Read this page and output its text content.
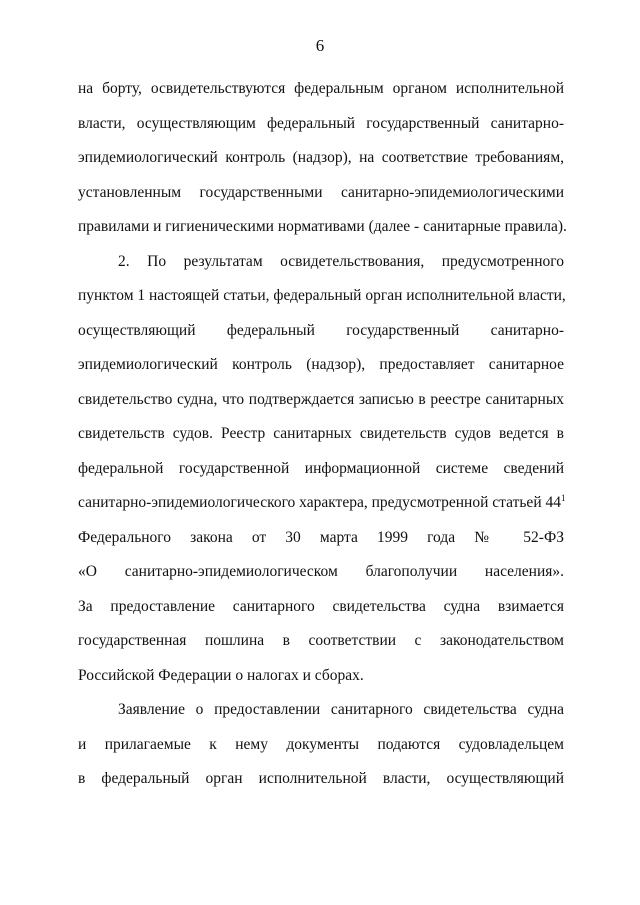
6
на борту, освидетельствуются федеральным органом исполнительной
власти, осуществляющим федеральный государственный санитарно-
эпидемиологический контроль (надзор), на соответствие требованиям,
установленным государственными санитарно-эпидемиологическими
правилами и гигиеническими нормативами (далее - санитарные правила).
2. По результатам освидетельствования, предусмотренного
пунктом 1 настоящей статьи, федеральный орган исполнительной власти,
осуществляющий федеральный государственный санитарно-
эпидемиологический контроль (надзор), предоставляет санитарное
свидетельство судна, что подтверждается записью в реестре санитарных
свидетельств судов. Реестр санитарных свидетельств судов ведется в
федеральной государственной информационной системе сведений
санитарно-эпидемиологического характера, предусмотренной статьей $44^1$
Федерального закона от 30 марта 1999 года № 52-ФЗ
«О санитарно-эпидемиологическом благополучии населения».
За предоставление санитарного свидетельства судна взимается
государственная пошлина в соответствии с законодательством
Российской Федерации о налогах и сборах.
Заявление о предоставлении санитарного свидетельства судна
и прилагаемые к нему документы подаются судовладельцем
в федеральный орган исполнительной власти, осуществляющий
